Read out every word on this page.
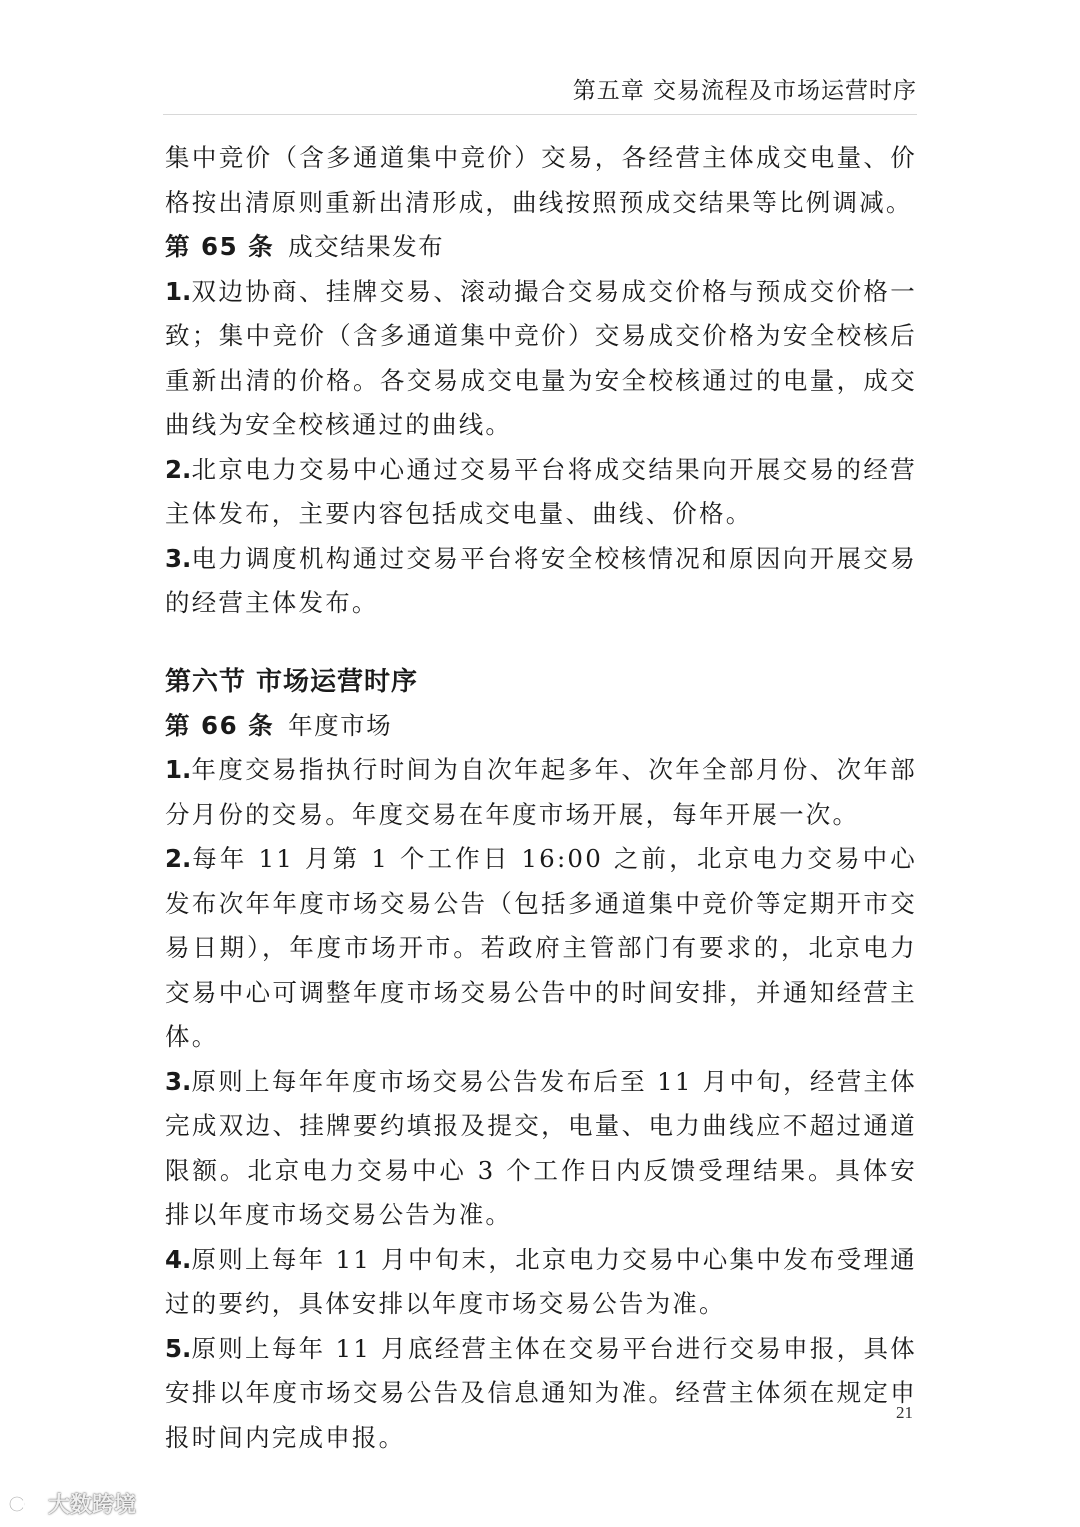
第五章 交易流程及市场运营时序

集中竞价（含多通道集中竞价）交易，各经营主体成交电量、价格按出清原则重新出清形成，曲线按照预成交结果等比例调减。

第 65 条 成交结果发布

1.双边协商、挂牌交易、滚动撮合交易成交价格与预成交价格一致；集中竞价（含多通道集中竞价）交易成交价格为安全校核后重新出清的价格。各交易成交电量为安全校核通过的电量，成交曲线为安全校核通过的曲线。

2.北京电力交易中心通过交易平台将成交结果向开展交易的经营主体发布，主要内容包括成交电量、曲线、价格。

3.电力调度机构通过交易平台将安全校核情况和原因向开展交易的经营主体发布。

第六节 市场运营时序

第 66 条 年度市场

1.年度交易指执行时间为自次年起多年、次年全部月份、次年部分月份的交易。年度交易在年度市场开展，每年开展一次。

2.每年 11 月第 1 个工作日 16:00 之前，北京电力交易中心发布次年年度市场交易公告（包括多通道集中竞价等定期开市交易日期），年度市场开市。若政府主管部门有要求的，北京电力交易中心可调整年度市场交易公告中的时间安排，并通知经营主体。

3.原则上每年年度市场交易公告发布后至 11 月中旬，经营主体完成双边、挂牌要约填报及提交，电量、电力曲线应不超过通道限额。北京电力交易中心 3 个工作日内反馈受理结果。具体安排以年度市场交易公告为准。

4.原则上每年 11 月中旬末，北京电力交易中心集中发布受理通过的要约，具体安排以年度市场交易公告为准。

5.原则上每年 11 月底经营主体在交易平台进行交易申报，具体安排以年度市场交易公告及信息通知为准。经营主体须在规定申报时间内完成申报。

21
大数跨境
